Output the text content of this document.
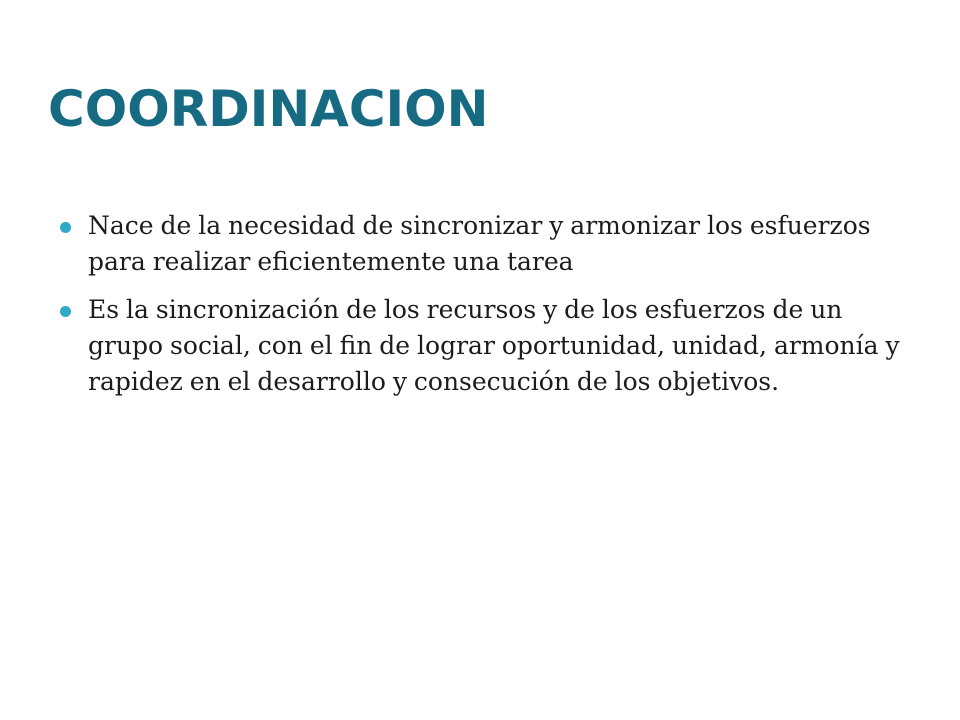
COORDINACION
Nace de la necesidad de sincronizar y armonizar los esfuerzos para realizar eficientemente una tarea
Es la sincronización de los recursos y de los esfuerzos de un grupo social, con el fin de lograr oportunidad, unidad, armonía y rapidez en el desarrollo y consecución de los objetivos.
